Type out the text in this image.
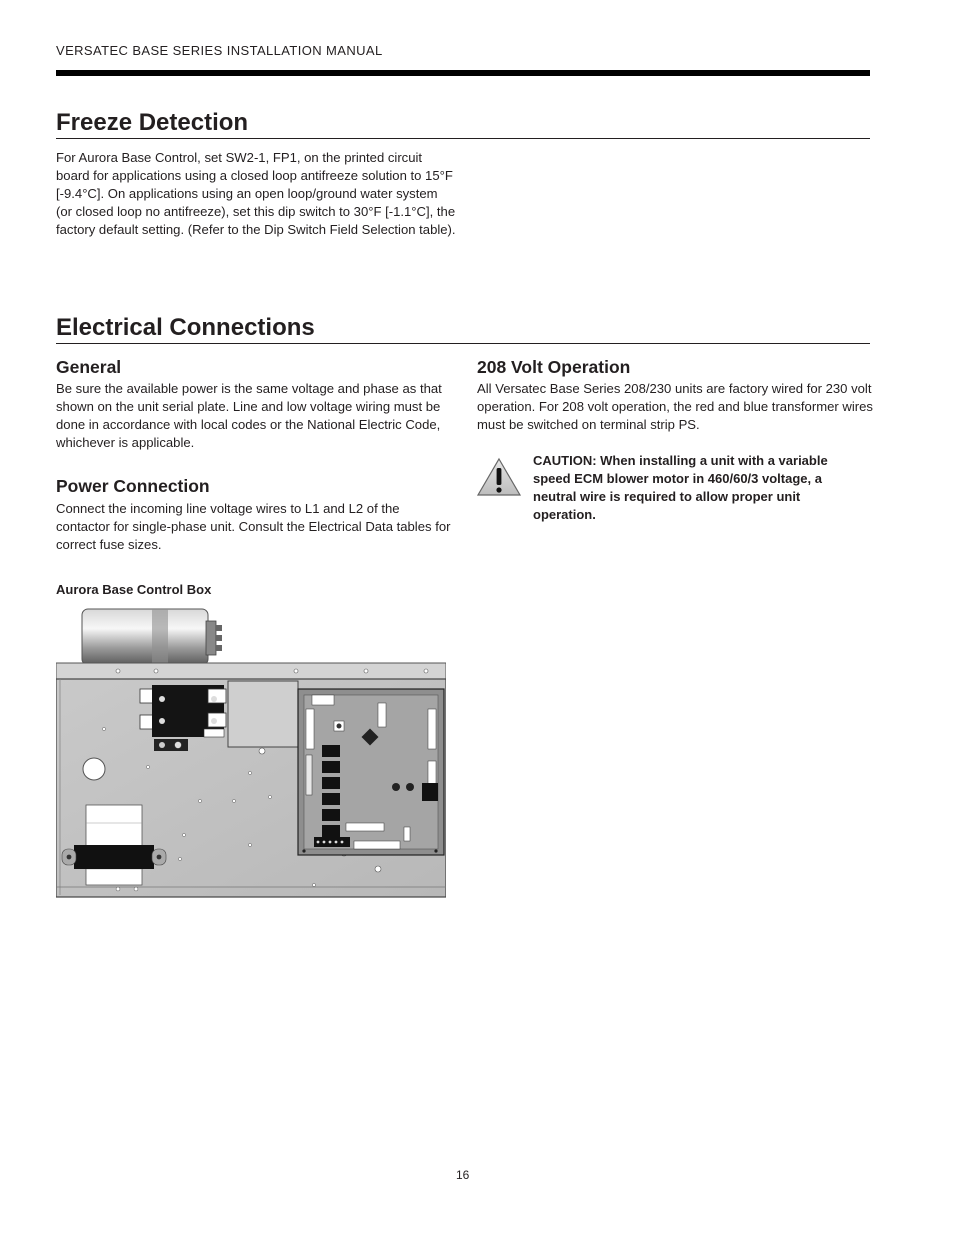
VERSATEC BASE SERIES INSTALLATION MANUAL
Freeze Detection

For Aurora Base Control, set SW2-1, FP1, on the printed circuit board for applications using a closed loop antifreeze solution to 15°F [-9.4°C]. On applications using an open loop/ground water system (or closed loop no antifreeze), set this dip switch to 30°F [-1.1°C], the factory default setting. (Refer to the Dip Switch Field Selection table).

Electrical Connections
General

Be sure the available power is the same voltage and phase as that shown on the unit serial plate. Line and low voltage wiring must be done in accordance with local codes or the National Electric Code, whichever is applicable.

Power Connection

Connect the incoming line voltage wires to L1 and L2 of the contactor for single-phase unit. Consult the Electrical Data tables for correct fuse sizes.

208 Volt Operation

All Versatec Base Series 208/230 units are factory wired for 230 volt operation. For 208 volt operation, the red and blue transformer wires must be switched on terminal strip PS.

CAUTION: When installing a unit with a variable speed ECM blower motor in 460/60/3 voltage, a neutral wire is required to allow proper unit operation.
Aurora Base Control Box
16
